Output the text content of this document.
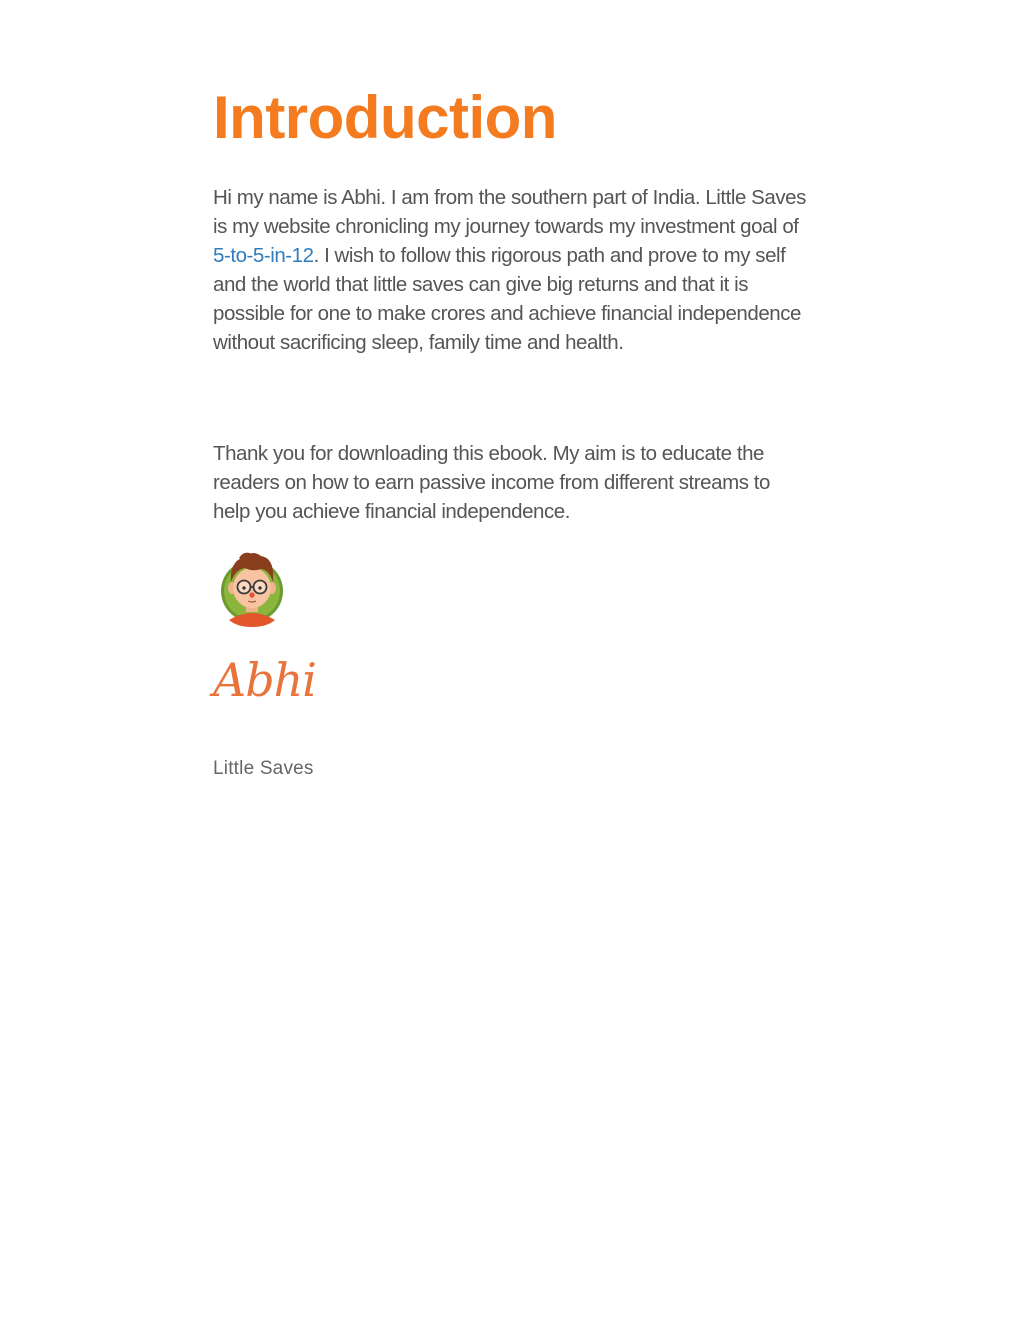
Introduction

Hi my name is Abhi. I am from the southern part of India. Little Saves is my website chronicling my journey towards my investment goal of 5-to-5-in-12. I wish to follow this rigorous path and prove to my self and the world that little saves can give big returns and that it is possible for one to make crores and achieve financial independence without sacrificing sleep, family time and health.

Thank you for downloading this ebook. My aim is to educate the readers on how to earn passive income from different streams to help you achieve financial independence.

Abhi
Little Saves
